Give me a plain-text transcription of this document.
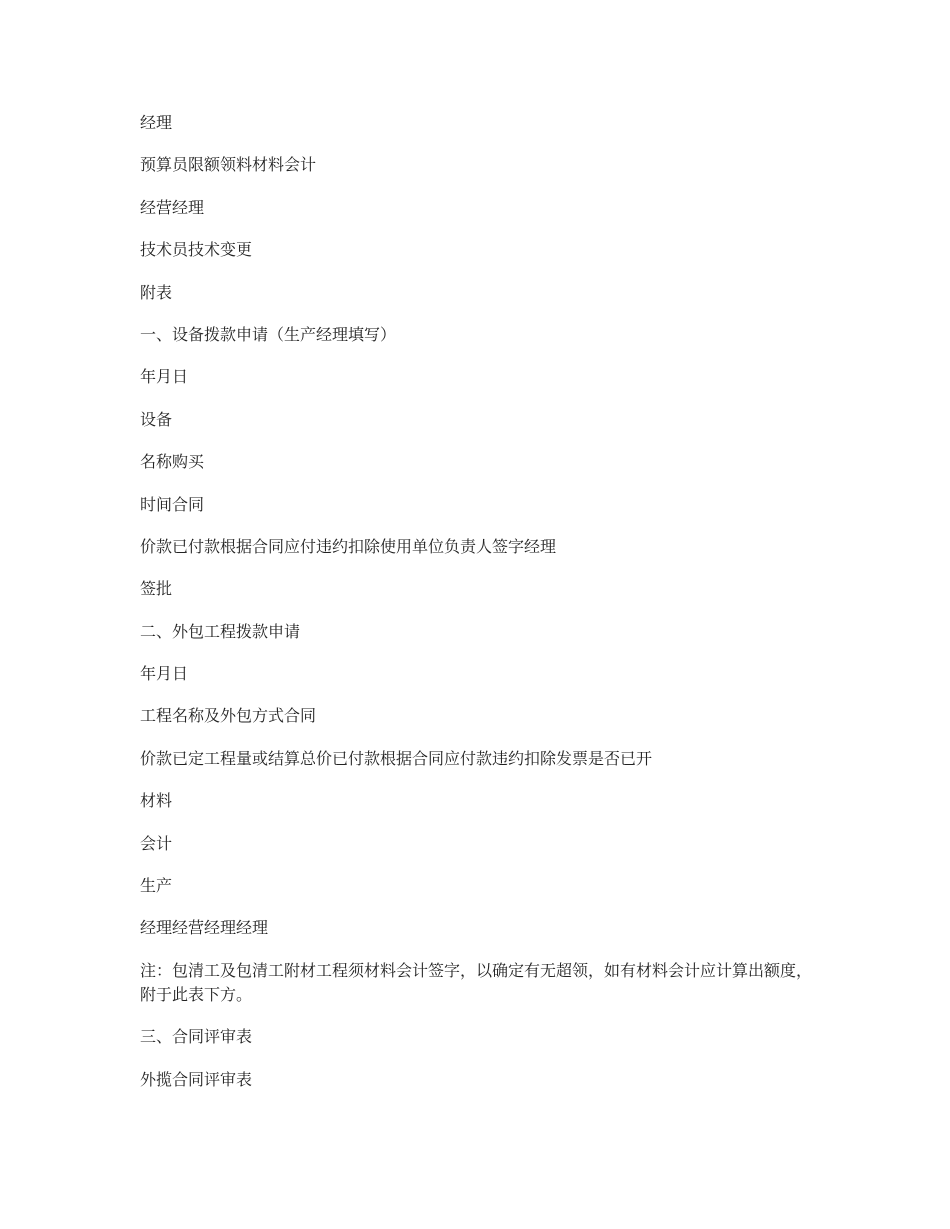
经理
预算员限额领料材料会计
经营经理
技术员技术变更
附表
一、设备拨款申请（生产经理填写）
年月日
设备
名称购买
时间合同
价款已付款根据合同应付违约扣除使用单位负责人签字经理
签批
二、外包工程拨款申请
年月日
工程名称及外包方式合同
价款已定工程量或结算总价已付款根据合同应付款违约扣除发票是否已开
材料
会计
生产
经理经营经理经理
注：包清工及包清工附材工程须材料会计签字，以确定有无超领，如有材料会计应计算出额度，附于此表下方。
三、合同评审表
外揽合同评审表
